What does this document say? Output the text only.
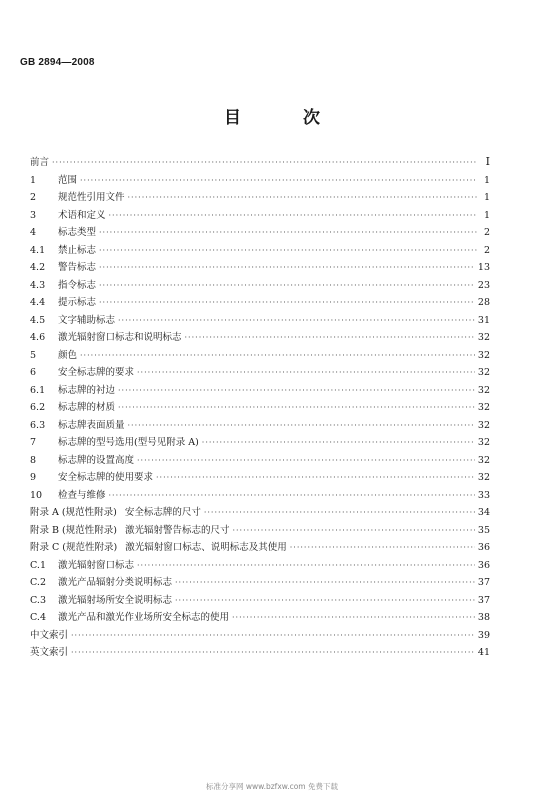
GB 2894—2008
目 次
前言 ·····	I
1	范围 ·····	1
2	规范性引用文件 ·····	1
3	术语和定义 ·····	1
4	标志类型 ·····	2
4.1	禁止标志 ·····	2
4.2	警告标志 ·····	13
4.3	指令标志 ·····	23
4.4	提示标志 ·····	28
4.5	文字辅助标志 ·····	31
4.6	激光辐射窗口标志和说明标志 ·····	32
5	颜色 ·····	32
6	安全标志牌的要求 ·····	32
6.1	标志牌的衬边 ·····	32
6.2	标志牌的材质 ·····	32
6.3	标志牌表面质量 ·····	32
7	标志牌的型号选用(型号见附录 A) ·····	32
8	标志牌的设置高度 ·····	32
9	安全标志牌的使用要求 ·····	32
10	检查与维修 ·····	33
附录 A (规范性附录) 安全标志牌的尺寸 ·····	34
附录 B (规范性附录) 激光辐射警告标志的尺寸 ·····	35
附录 C (规范性附录) 激光辐射窗口标志、说明标志及其使用 ·····	36
C.1	激光辐射窗口标志 ·····	36
C.2	激光产品辐射分类说明标志 ·····	37
C.3	激光辐射场所安全说明标志 ·····	37
C.4	激光产品和激光作业场所安全标志的使用 ·····	38
中文索引 ·····	39
英文索引 ·····	41
标准分享网 www.bzfxw.com 免费下载
